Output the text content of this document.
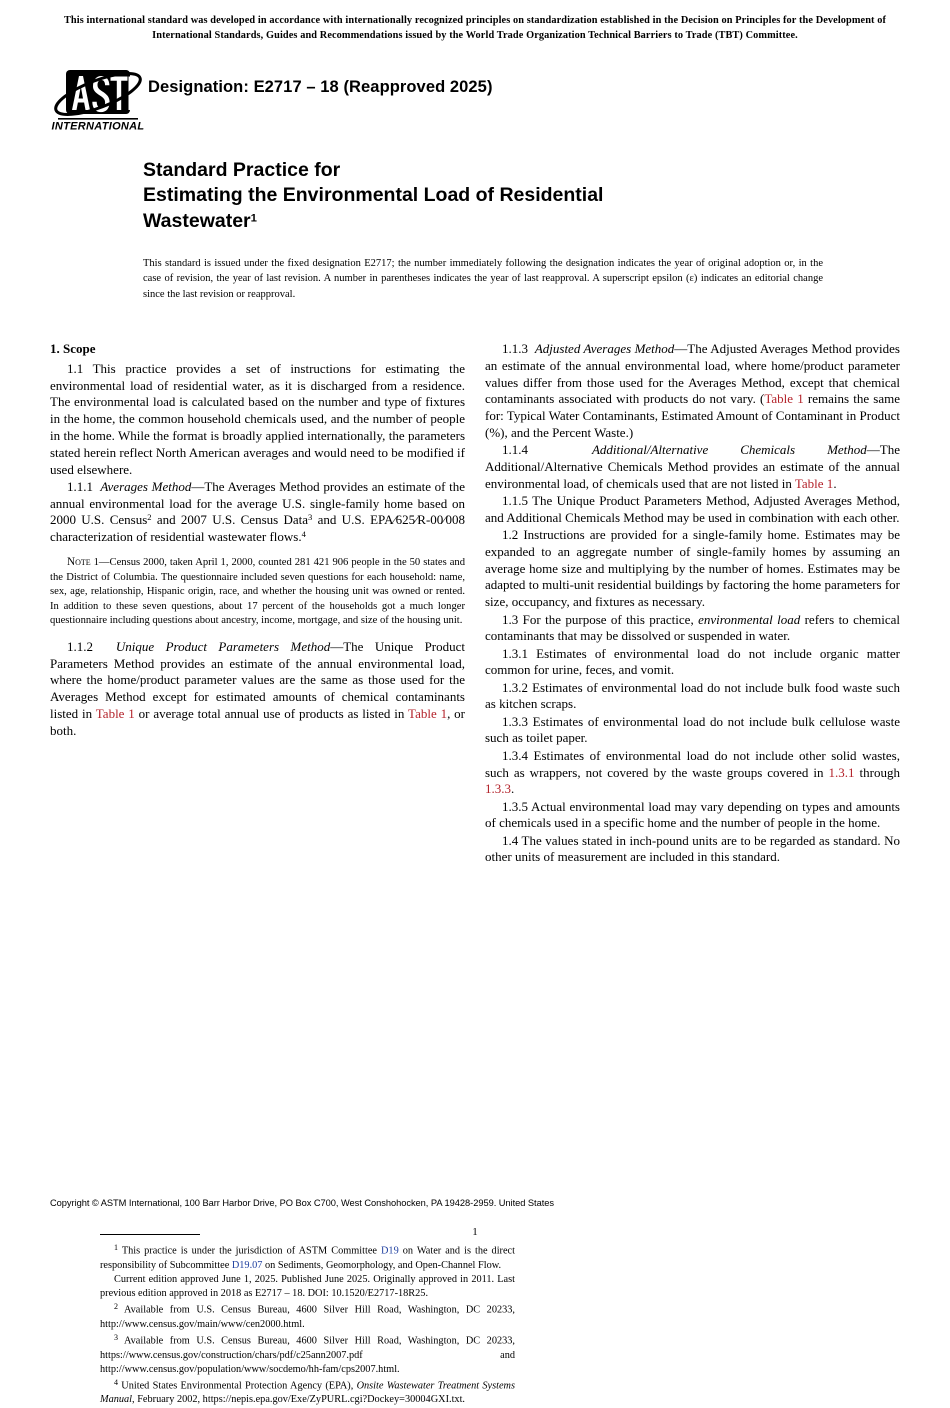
This international standard was developed in accordance with internationally recognized principles on standardization established in the Decision on Principles for the Development of International Standards, Guides and Recommendations issued by the World Trade Organization Technical Barriers to Trade (TBT) Committee.
INTERNATIONAL
Designation: E2717 – 18 (Reapproved 2025)
Standard Practice for
Estimating the Environmental Load of Residential
Wastewater$^1$
This standard is issued under the fixed designation E2717; the number immediately following the designation indicates the year of original adoption or, in the case of revision, the year of last revision. A number in parentheses indicates the year of last reapproval. A superscript epsilon (ε) indicates an editorial change since the last revision or reapproval.
1. Scope

1.1 This practice provides a set of instructions for estimating the environmental load of residential water, as it is discharged from a residence. The environmental load is calculated based on the number and type of fixtures in the home, the common household chemicals used, and the number of people in the home. While the format is broadly applied internationally, the parameters stated herein reflect North American averages and would need to be modified if used elsewhere.

1.1.1 Averages Method—The Averages Method provides an estimate of the annual environmental load for the average U.S. single-family home based on 2000 U.S. Census$^2$ and 2007 U.S. Census Data$^3$ and U.S. EPA⁄625⁄R-00⁄008 characterization of residential wastewater flows.$^4$

Note 1—Census 2000, taken April 1, 2000, counted 281 421 906 people in the 50 states and the District of Columbia. The questionnaire included seven questions for each household: name, sex, age, relationship, Hispanic origin, race, and whether the housing unit was owned or rented. In addition to these seven questions, about 17 percent of the households got a much longer questionnaire including questions about ancestry, income, mortgage, and size of the housing unit.

1.1.2 Unique Product Parameters Method—The Unique Product Parameters Method provides an estimate of the annual environmental load, where the home/product parameter values are the same as those used for the Averages Method except for estimated amounts of chemical contaminants listed in Table 1 or average total annual use of products as listed in Table 1, or both.

$^1$ This practice is under the jurisdiction of ASTM Committee D19 on Water and is the direct responsibility of Subcommittee D19.07 on Sediments, Geomorphology, and Open-Channel Flow.

Current edition approved June 1, 2025. Published June 2025. Originally approved in 2011. Last previous edition approved in 2018 as E2717 – 18. DOI: 10.1520/E2717-18R25.

$^2$ Available from U.S. Census Bureau, 4600 Silver Hill Road, Washington, DC 20233, http://www.census.gov/main/www/cen2000.html.

$^3$ Available from U.S. Census Bureau, 4600 Silver Hill Road, Washington, DC 20233, https://www.census.gov/construction/chars/pdf/c25ann2007.pdf and http://www.census.gov/population/www/socdemo/hh-fam/cps2007.html.

$^4$ United States Environmental Protection Agency (EPA), Onsite Wastewater Treatment Systems Manual, February 2002, https://nepis.epa.gov/Exe/ZyPURL.cgi?Dockey=30004GXI.txt.

1.1.3 Adjusted Averages Method—The Adjusted Averages Method provides an estimate of the annual environmental load, where home/product parameter values differ from those used for the Averages Method, except that chemical contaminants associated with products do not vary. (Table 1 remains the same for: Typical Water Contaminants, Estimated Amount of Contaminant in Product (%), and the Percent Waste.)

1.1.4	Additional/Alternative Chemicals Method—The Additional/Alternative Chemicals Method provides an estimate of the annual environmental load, of chemicals used that are not listed in Table 1.

1.1.5 The Unique Product Parameters Method, Adjusted Averages Method, and Additional Chemicals Method may be used in combination with each other.

1.2 Instructions are provided for a single-family home. Estimates may be expanded to an aggregate number of single-family homes by assuming an average home size and multiplying by the number of homes. Estimates may be adapted to multi-unit residential buildings by factoring the home parameters for size, occupancy, and fixtures as necessary.

1.3 For the purpose of this practice, environmental load refers to chemical contaminants that may be dissolved or suspended in water.

1.3.1 Estimates of environmental load do not include organic matter common for urine, feces, and vomit.

1.3.2 Estimates of environmental load do not include bulk food waste such as kitchen scraps.

1.3.3 Estimates of environmental load do not include bulk cellulose waste such as toilet paper.

1.3.4 Estimates of environmental load do not include other solid wastes, such as wrappers, not covered by the waste groups covered in 1.3.1 through 1.3.3.

1.3.5 Actual environmental load may vary depending on types and amounts of chemicals used in a specific home and the number of people in the home.

1.4 The values stated in inch-pound units are to be regarded as standard. No other units of measurement are included in this standard.

Copyright © ASTM International, 100 Barr Harbor Drive, PO Box C700, West Conshohocken, PA 19428-2959. United States
1
